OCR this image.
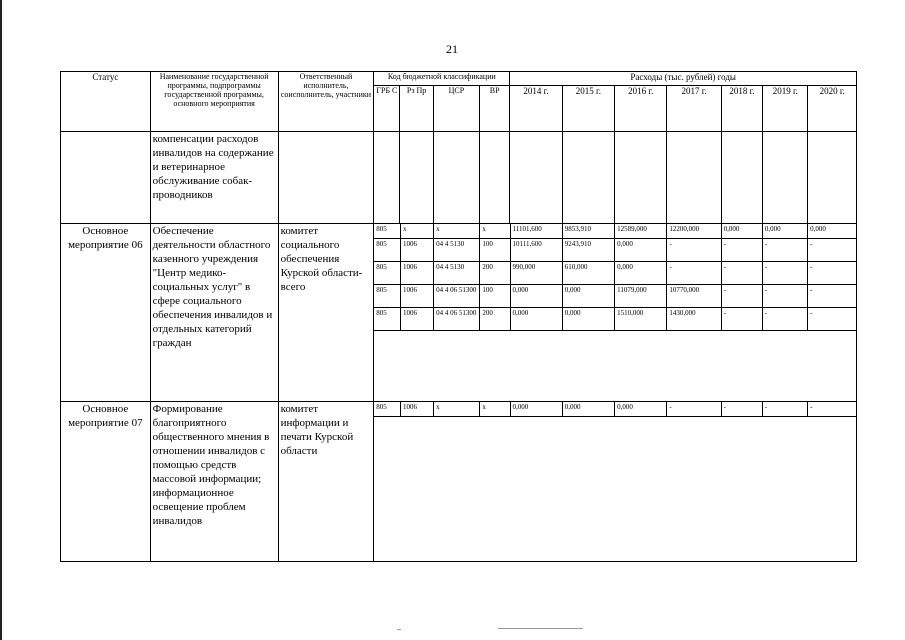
21
Статус	Наименование государственной программы, подпрограммы государственной программы, основного мероприятия	Ответственный исполнитель, соисполнитель, участники	Код бюджетной классификации	Расходы (тыс. рублей) годы
ГРБ С	Рз Пр	ЦСР	ВР	2014 г.	2015 г.	2016 г.	2017 г.	2018 г.	2019 г.	2020 г.
	компенсации расходов инвалидов на содержание и ветеринарное обслуживание собак-проводников												
Основное мероприятие 06	Обеспечение деятельности областного казенного учреждения "Центр медико-социальных услуг" в сфере социального обеспечения инвалидов и отдельных категорий граждан	комитет социального обеспечения Курской области-всего	
805	x	x	x	11101,600	9853,910	12589,000	12200,000	0,000	0,000	0,000
805	1006	04 4 5130	100	10111,600	9243,910	0,000	-	-	-	-
805	1006	04 4 5130	200	990,000	610,000	0,000	-	-	-	-
805	1006	04 4 06 51300	100	0,000	0,000	11079,000	10770,000	-	-	-
805	1006	04 4 06 51300	200	0,000	0,000	1510,000	1430,000	-	-	-

Основное мероприятие 07	Формирование благоприятного общественного мнения в отношении инвалидов с помощью средств массовой информации; информационное освещение проблем инвалидов	комитет информации и печати Курской области	
805	1006	x	x	0,000	0,000	0,000	-	-	-	-
